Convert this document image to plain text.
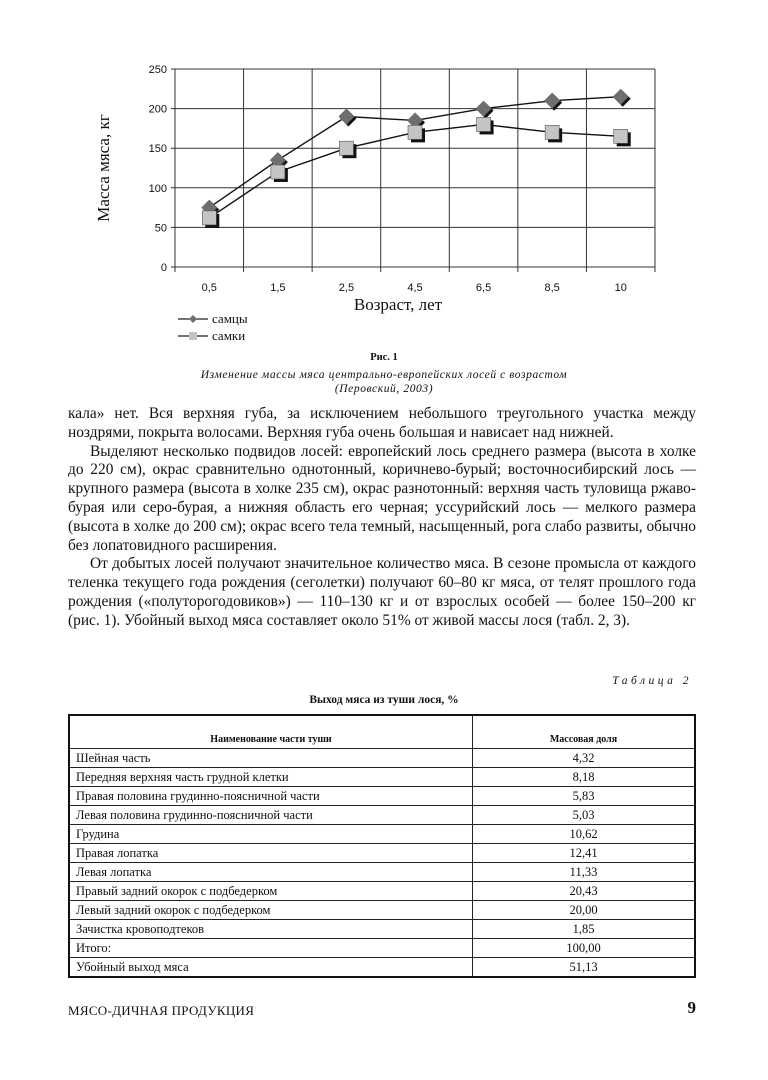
0
50
100
150
200
250
0,5	1,5	2,5	4,5	6,5	8,5	10
Масса мяса, кг
Возраст, лет
самцы
самки
Рис. 1
Изменение массы мяса центрально-европейских лосей с возрастом
(Перовский, 2003)

кала» нет. Вся верхняя губа, за исключением небольшого треугольного участка между ноздрями, покрыта волосами. Верхняя губа очень большая и нависает над нижней.

Выделяют несколько подвидов лосей: европейский лось среднего размера (высота в холке до 220 см), окрас сравнительно однотонный, коричнево-бурый; восточносибирский лось — крупного размера (высота в холке 235 см), окрас разнотонный: верхняя часть туловища ржаво-бурая или серо-бурая, а нижняя область его черная; уссурийский лось — мелкого размера (высота в холке до 200 см); окрас всего тела темный, насыщенный, рога слабо развиты, обычно без лопатовидного расширения.

От добытых лосей получают значительное количество мяса. В сезоне промысла от каждого теленка текущего года рождения (сеголетки) получают 60–80 кг мяса, от телят прошлого года рождения («полуторогодовиков») — 110–130 кг и от взрослых особей — более 150–200 кг (рис. 1). Убойный выход мяса составляет около 51% от живой массы лося (табл. 2, 3).

Таблица 2
Выход мяса из туши лося, %
Наименование части туши	Массовая доля
Шейная часть	4,32
Передняя верхняя часть грудной клетки	8,18
Правая половина грудинно-поясничной части	5,83
Левая половина грудинно-поясничной части	5,03
Грудина	10,62
Правая лопатка	12,41
Левая лопатка	11,33
Правый задний окорок с подбедерком	20,43
Левый задний окорок с подбедерком	20,00
Зачистка кровоподтеков	1,85
Итого:	100,00
Убойный выход мяса	51,13
МЯСО-ДИЧНАЯ ПРОДУКЦИЯ	9
